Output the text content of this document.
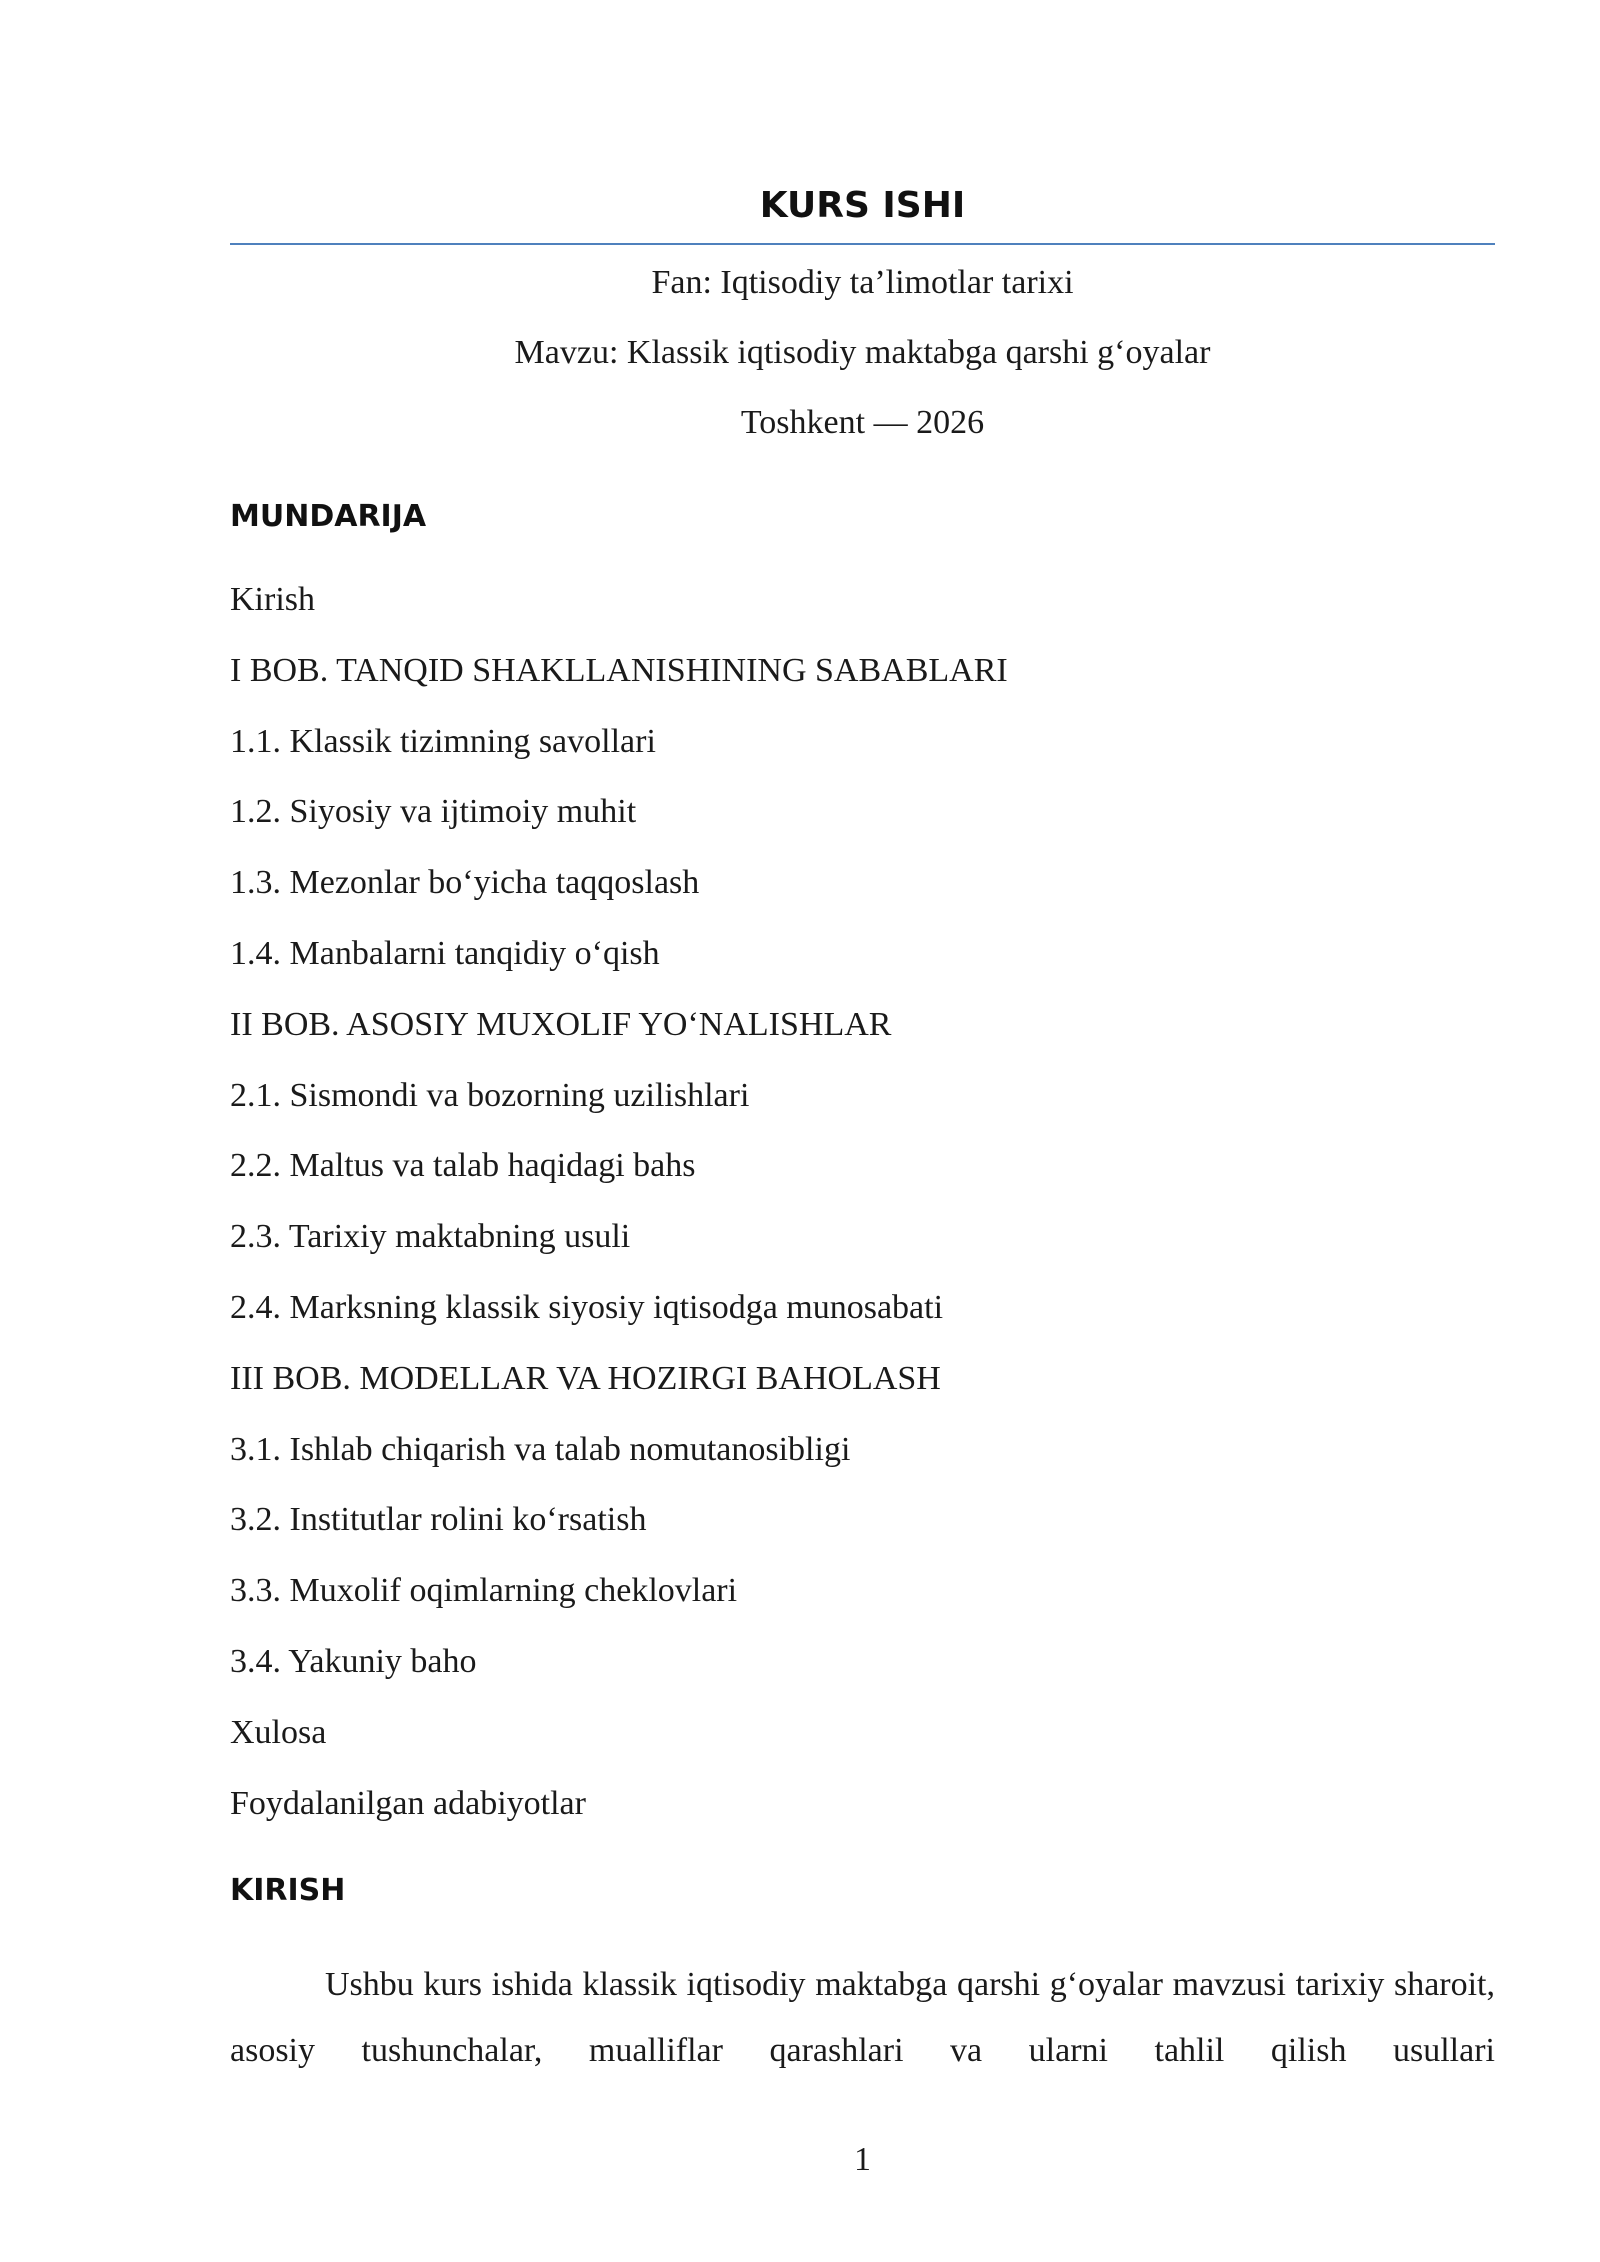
KURS ISHI

Fan: Iqtisodiy ta’limotlar tarixi

Mavzu: Klassik iqtisodiy maktabga qarshi g‘oyalar

Toshkent — 2026

MUNDARIJA
Kirish
I BOB. TANQID SHAKLLANISHINING SABABLARI
1.1. Klassik tizimning savollari
1.2. Siyosiy va ijtimoiy muhit
1.3. Mezonlar bo‘yicha taqqoslash
1.4. Manbalarni tanqidiy o‘qish
II BOB. ASOSIY MUXOLIF YO‘NALISHLAR
2.1. Sismondi va bozorning uzilishlari
2.2. Maltus va talab haqidagi bahs
2.3. Tarixiy maktabning usuli
2.4. Marksning klassik siyosiy iqtisodga munosabati
III BOB. MODELLAR VA HOZIRGI BAHOLASH
3.1. Ishlab chiqarish va talab nomutanosibligi
3.2. Institutlar rolini ko‘rsatish
3.3. Muxolif oqimlarning cheklovlari
3.4. Yakuniy baho
Xulosa
Foydalanilgan adabiyotlar
KIRISH

Ushbu kurs ishida klassik iqtisodiy maktabga qarshi g‘oyalar mavzusi tarixiy sharoit, asosiy tushunchalar, mualliflar qarashlari va ularni tahlil qilish usullari

1
